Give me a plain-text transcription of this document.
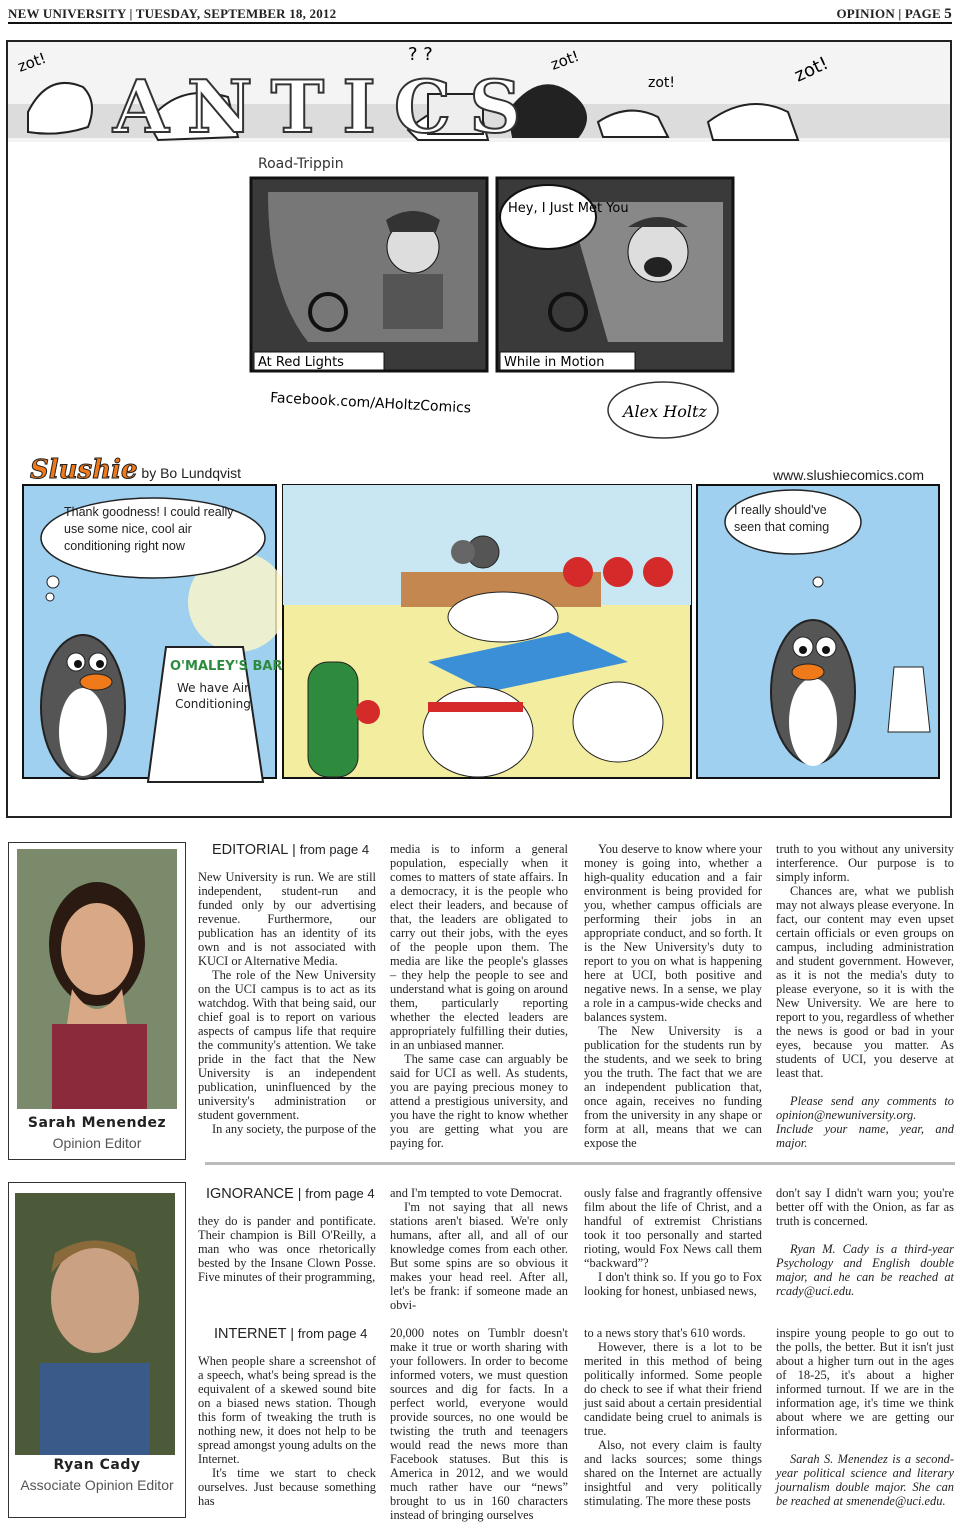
NEW UNIVERSITY | TUESDAY, SEPTEMBER 18, 2012	OPINION | PAGE 5
ANTICS
zot!	zot!
zot!	zot!
? ?
Road-Trippin
At Red Lights
Hey, I Just Met You
While in Motion
Facebook.com/AHoltzComics	Alex Holtz
O'MALEY'S BAR
Thank goodness! I could really use some nice, cool air conditioning right now
We have Air Conditioning
I really should've seen that coming
Slushie by Bo Lundqvist	www.slushiecomics.com
Sarah Menendez
Opinion Editor
EDITORIAL | from page 4

New University is run. We are still independent, student-run and funded only by our advertising revenue. Furthermore, our publication has an identity of its own and is not associated with KUCI or Alternative Media.

The role of the New University on the UCI campus is to act as its watchdog. With that being said, our chief goal is to report on various aspects of campus life that require the community's attention. We take pride in the fact that the New University is an independent publication, uninfluenced by the university's administration or student government.

In any society, the purpose of the

media is to inform a general population, especially when it comes to matters of state affairs. In a democracy, it is the people who elect their leaders, and because of that, the leaders are obligated to carry out their jobs, with the eyes of the people upon them. The media are like the people's glasses – they help the people to see and understand what is going on around them, particularly reporting whether the elected leaders are appropriately fulfilling their duties, in an unbiased manner.

The same case can arguably be said for UCI as well. As students, you are paying precious money to attend a prestigious university, and you have the right to know whether you are getting what you are paying for.

You deserve to know where your money is going into, whether a high-quality education and a fair environment is being provided for you, whether campus officials are performing their jobs in an appropriate conduct, and so forth. It is the New University's duty to report to you on what is happening here at UCI, both positive and negative news. In a sense, we play a role in a campus-wide checks and balances system.

The New University is a publication for the students run by the students, and we seek to bring you the truth. The fact that we are an independent publication that, once again, receives no funding from the university in any shape or form at all, means that we can expose the

truth to you without any university interference. Our purpose is to simply inform.

Chances are, what we publish may not always please everyone. In fact, our content may even upset certain officials or even groups on campus, including administration and student government. However, as it is not the media's duty to please everyone, so it is with the New University. We are here to report to you, regardless of whether the news is good or bad in your eyes, because you matter. As students of UCI, you deserve at least that.

Please send any comments to opinion@newuniversity.org. Include your name, year, and major.

Ryan Cady
Associate Opinion Editor
IGNORANCE | from page 4

they do is pander and pontificate. Their champion is Bill O'Reilly, a man who was once rhetorically bested by the Insane Clown Posse. Five minutes of their programming,

and I'm tempted to vote Democrat.

I'm not saying that all news stations aren't biased. We're only humans, after all, and all of our knowledge comes from each other. But some spins are so obvious it makes your head reel. After all, let's be frank: if someone made an obvi-

ously false and fragrantly offensive film about the life of Christ, and a handful of extremist Christians took it too personally and started rioting, would Fox News call them “backward”?

I don't think so. If you go to Fox looking for honest, unbiased news,

don't say I didn't warn you; you're better off with the Onion, as far as truth is concerned.

Ryan M. Cady is a third-year Psychology and English double major, and he can be reached at rcady@uci.edu.

INTERNET | from page 4

When people share a screenshot of a speech, what's being spread is the equivalent of a skewed sound bite on a biased news station. Though this form of tweaking the truth is nothing new, it does not help to be spread amongst young adults on the Internet.

It's time we start to check ourselves. Just because something has

20,000 notes on Tumblr doesn't make it true or worth sharing with your followers. In order to become informed voters, we must question sources and dig for facts. In a perfect world, everyone would provide sources, no one would be twisting the truth and teenagers would read the news more than Facebook statuses. But this is America in 2012, and we would much rather have our “news” brought to us in 160 characters instead of bringing ourselves

to a news story that's 610 words.

However, there is a lot to be merited in this method of being politically informed. Some people do check to see if what their friend just said about a certain presidential candidate being cruel to animals is true.

Also, not every claim is faulty and lacks sources; some things shared on the Internet are actually insightful and very politically stimulating. The more these posts

inspire young people to go out to the polls, the better. But it isn't just about a higher turn out in the ages of 18-25, it's about a higher informed turnout. If we are in the information age, it's time we think about where we are getting our information.

Sarah S. Menendez is a second-year political science and literary journalism double major. She can be reached at smenende@uci.edu.
